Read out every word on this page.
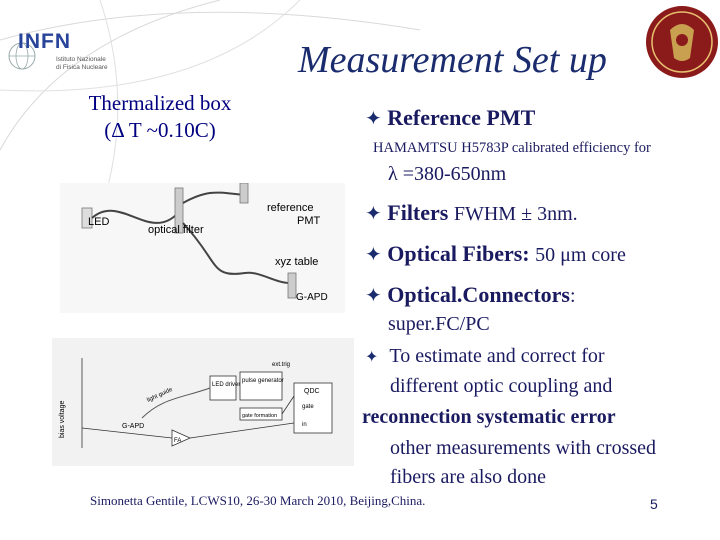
INFN
Istituto Nazionale
di Fisica Nucleare	Measurement Set up
Thermalized box
(Δ T ~0.10C)
LED
optical filter
reference
PMT
xyz table
G-APD
ext.trig
LED driver
pulse generator
light guide
gate formation
QDC
gate
in
bias voltage	G-APD
FA
✦ Reference PMT
HAMAMTSU H5783P calibrated efficiency for
λ =380-650nm
✦ Filters FWHM ± 3nm.
✦ Optical Fibers: 50 μm core
✦ Optical.Connectors:
super.FC/PC
✦ To estimate and correct for
different optic coupling and
reconnection systematic error
other measurements with crossed
fibers are also done
Simonetta Gentile, LCWS10, 26-30 March 2010, Beijing,China.	5
